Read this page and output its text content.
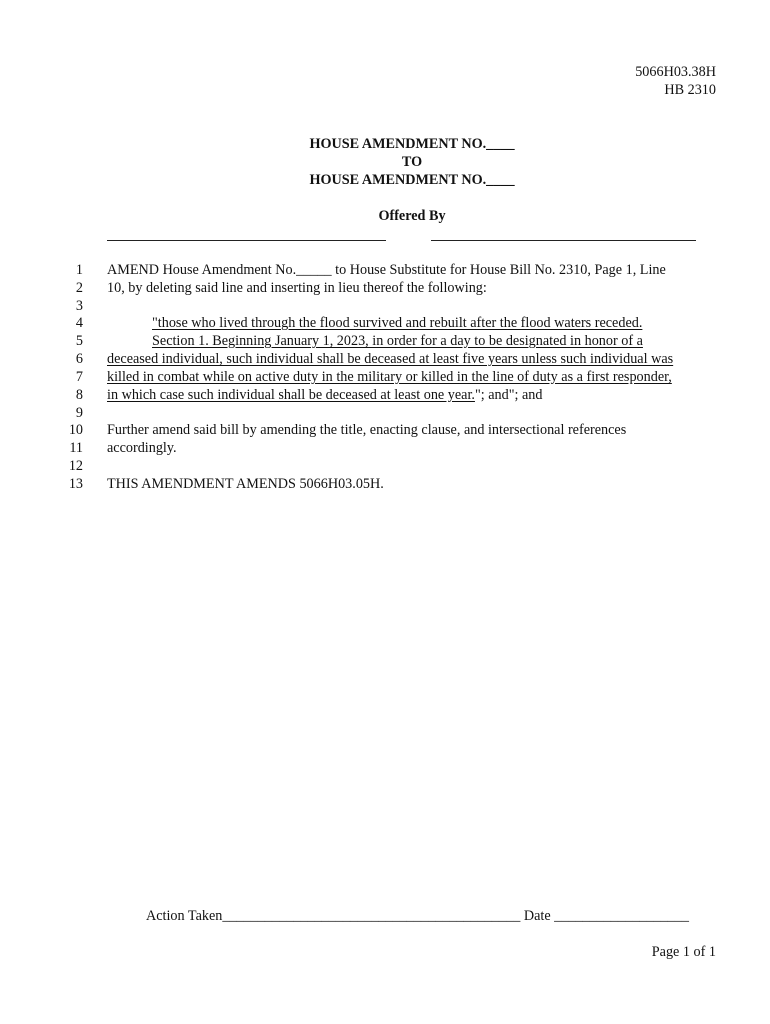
5066H03.38H
HB 2310
HOUSE AMENDMENT NO.____
TO
HOUSE AMENDMENT NO.____
Offered By
1
2
3
4
5
6
7
8
9
10
11
12
13
AMEND House Amendment No._____ to House Substitute for House Bill No. 2310, Page 1, Line
10, by deleting said line and inserting in lieu thereof the following:
"those who lived through the flood survived and rebuilt after the flood waters receded.
Section 1. Beginning January 1, 2023, in order for a day to be designated in honor of a
deceased individual, such individual shall be deceased at least five years unless such individual was
killed in combat while on active duty in the military or killed in the line of duty as a first responder,
in which case such individual shall be deceased at least one year."; and"; and
Further amend said bill by amending the title, enacting clause, and intersectional references
accordingly.
THIS AMENDMENT AMENDS 5066H03.05H.
Action Taken__________________________________________ Date ___________________
Page 1 of 1
